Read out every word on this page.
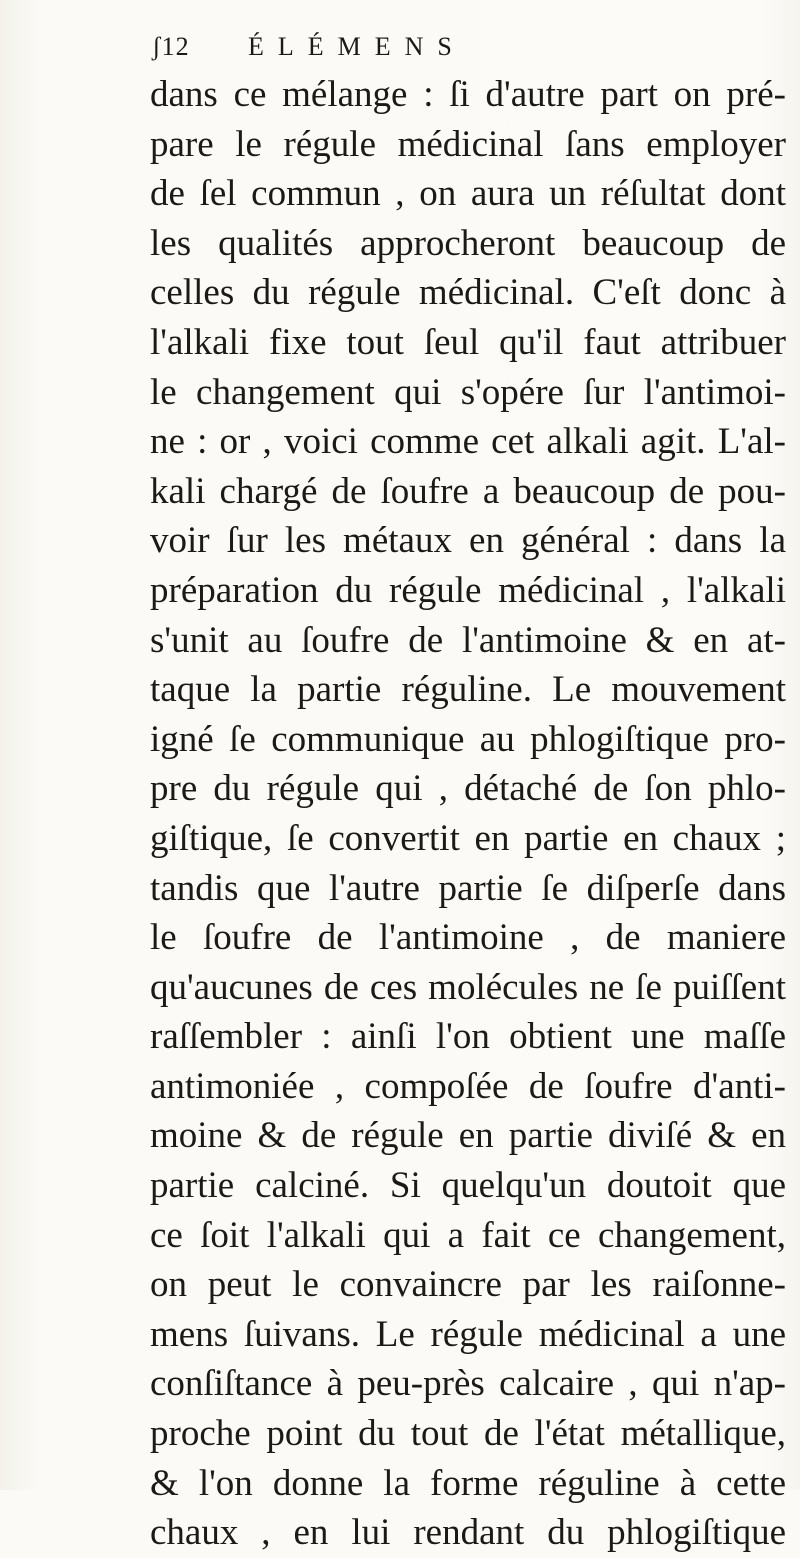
ʃ12 ÉLÉMENS
dans ce mélange : ſi d'autre part on pré-
pare le régule médicinal ſans employer
de ſel commun , on aura un réſultat dont
les qualités approcheront beaucoup de
celles du régule médicinal. C'eſt donc à
l'alkali fixe tout ſeul qu'il faut attribuer
le changement qui s'opére ſur l'antimoi-
ne : or , voici comme cet alkali agit. L'al-
kali chargé de ſoufre a beaucoup de pou-
voir ſur les métaux en général : dans la
préparation du régule médicinal , l'alkali
s'unit au ſoufre de l'antimoine & en at-
taque la partie réguline. Le mouvement
igné ſe communique au phlogiſtique pro-
pre du régule qui , détaché de ſon phlo-
giſtique, ſe convertit en partie en chaux ;
tandis que l'autre partie ſe diſperſe dans
le ſoufre de l'antimoine , de maniere
qu'aucunes de ces molécules ne ſe puiſſent
raſſembler : ainſi l'on obtient une maſſe
antimoniée , compoſée de ſoufre d'anti-
moine & de régule en partie diviſé & en
partie calciné. Si quelqu'un doutoit que
ce ſoit l'alkali qui a fait ce changement,
on peut le convaincre par les raiſonne-
mens ſuivans. Le régule médicinal a une
conſiſtance à peu-près calcaire , qui n'ap-
proche point du tout de l'état métallique,
& l'on donne la forme réguline à cette
chaux , en lui rendant du phlogiſtique
